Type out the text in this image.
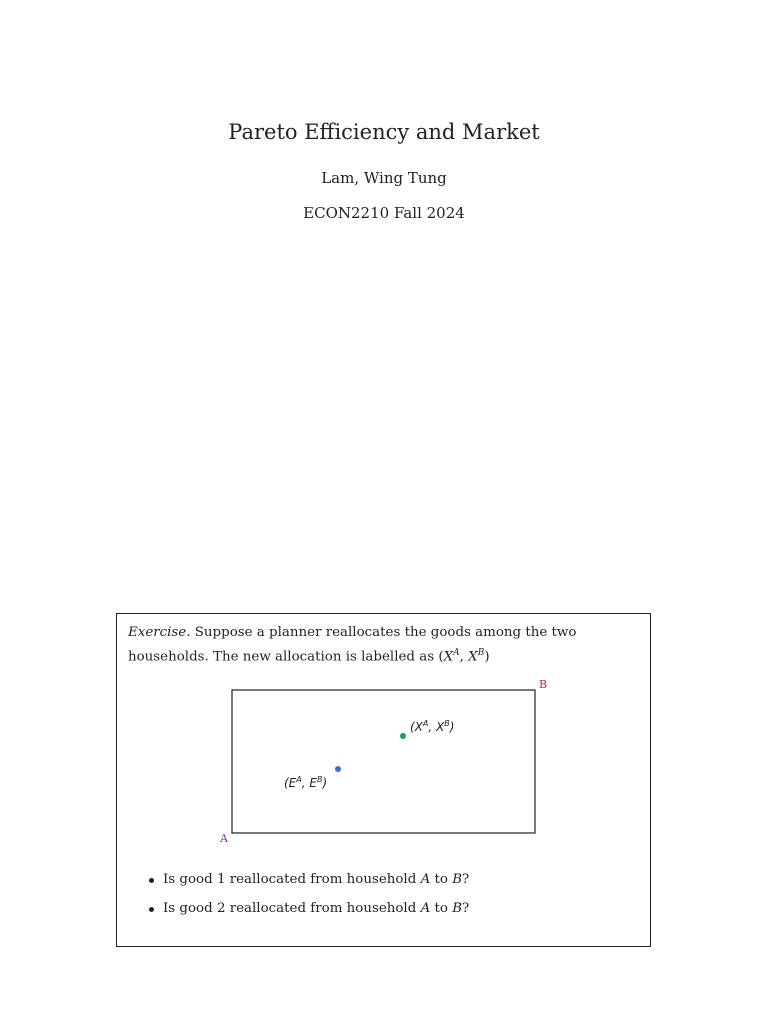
Pareto Efficiency and Market
Lam, Wing Tung
ECON2210 Fall 2024
Exercise. Suppose a planner reallocates the goods among the two households. The new allocation is labelled as ($X^A$, $X^B$)
B
A
($X^A$, $X^B$)
($E^A$, $E^B$)
Is good 1 reallocated from household A to B?
Is good 2 reallocated from household A to B?
